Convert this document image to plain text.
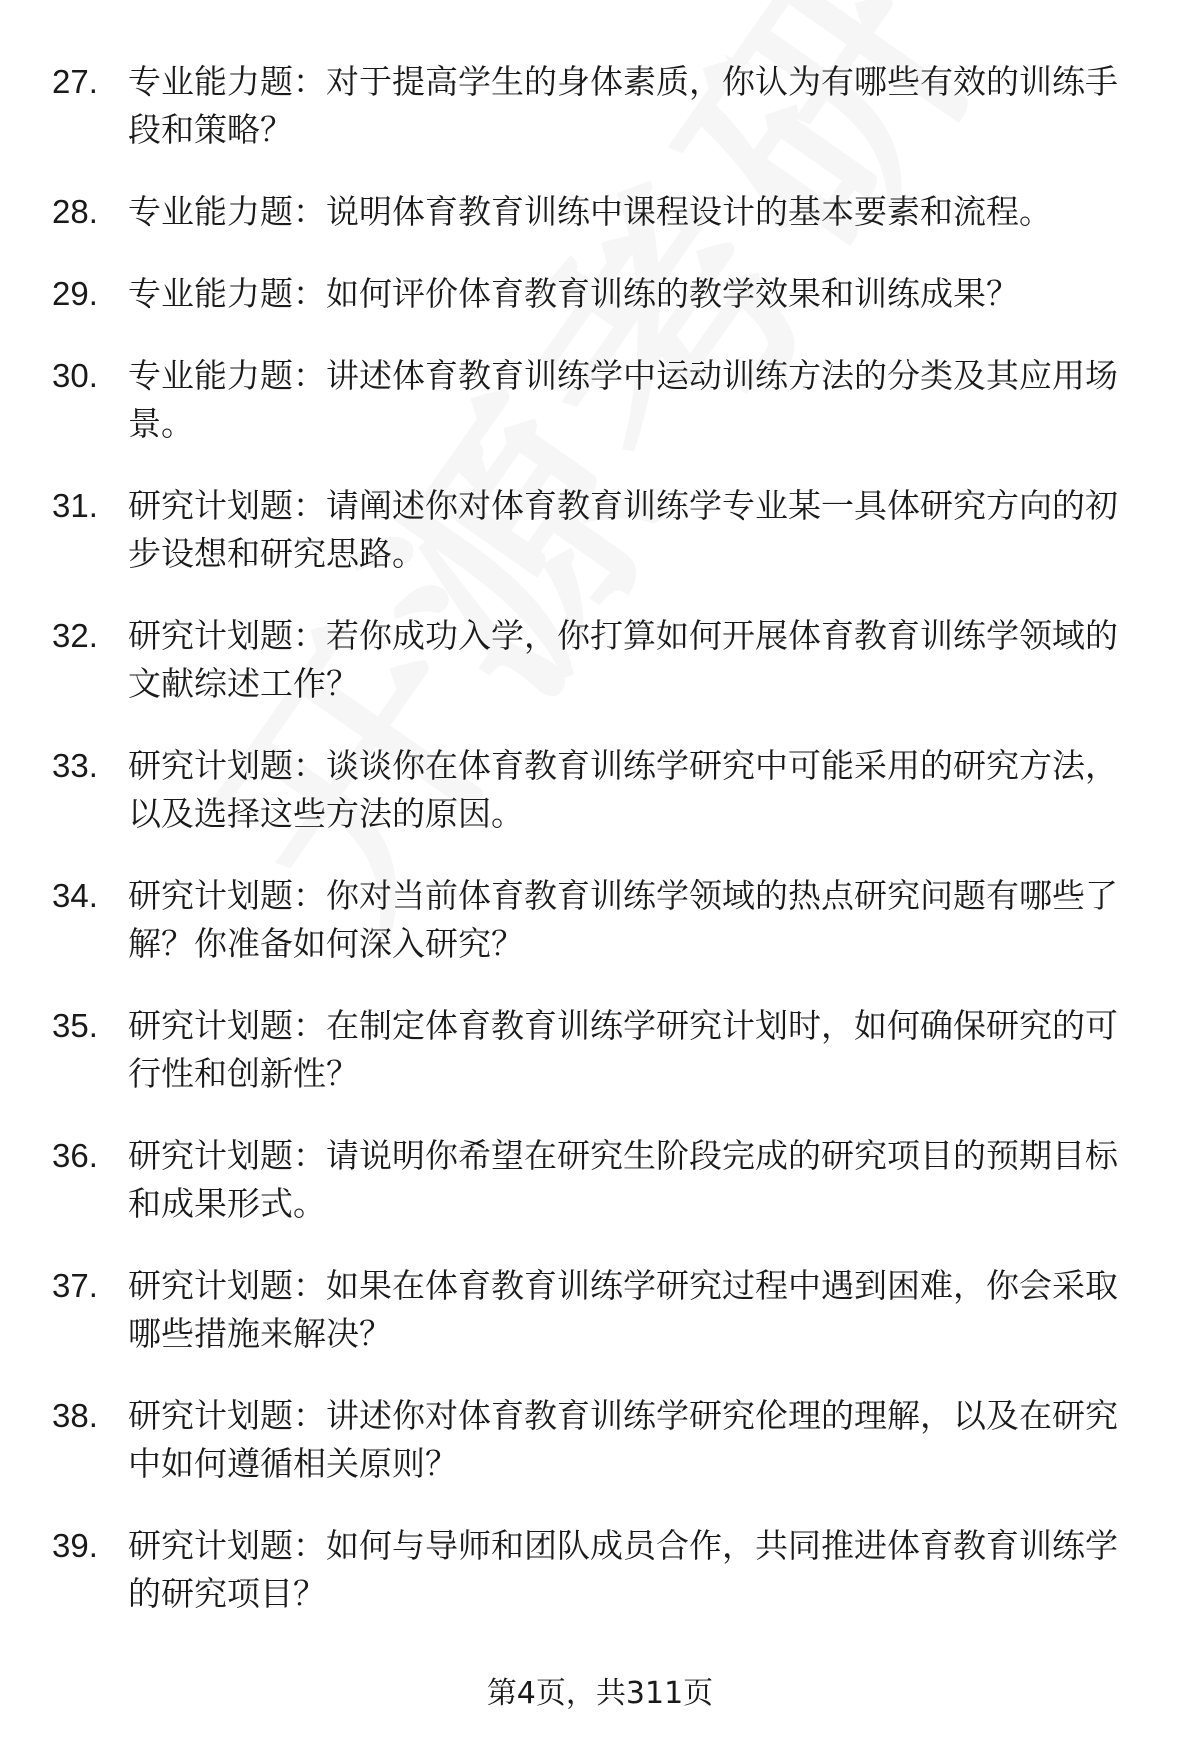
27. 专业能力题：对于提高学生的身体素质，你认为有哪些有效的训练手段和策略？
28. 专业能力题：说明体育教育训练中课程设计的基本要素和流程。
29. 专业能力题：如何评价体育教育训练的教学效果和训练成果？
30. 专业能力题：讲述体育教育训练学中运动训练方法的分类及其应用场景。
31. 研究计划题：请阐述你对体育教育训练学专业某一具体研究方向的初步设想和研究思路。
32. 研究计划题：若你成功入学，你打算如何开展体育教育训练学领域的文献综述工作？
33. 研究计划题：谈谈你在体育教育训练学研究中可能采用的研究方法，以及选择这些方法的原因。
34. 研究计划题：你对当前体育教育训练学领域的热点研究问题有哪些了解？你准备如何深入研究？
35. 研究计划题：在制定体育教育训练学研究计划时，如何确保研究的可行性和创新性？
36. 研究计划题：请说明你希望在研究生阶段完成的研究项目的预期目标和成果形式。
37. 研究计划题：如果在体育教育训练学研究过程中遇到困难，你会采取哪些措施来解决？
38. 研究计划题：讲述你对体育教育训练学研究伦理的理解，以及在研究中如何遵循相关原则？
39. 研究计划题：如何与导师和团队成员合作，共同推进体育教育训练学的研究项目？
第4页，共311页
